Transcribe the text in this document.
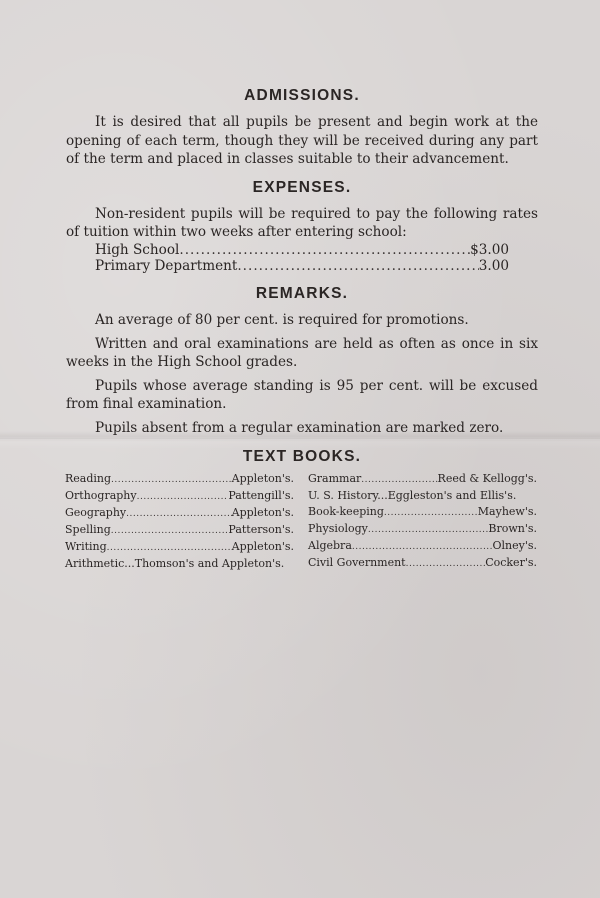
ADMISSIONS.

It is desired that all pupils be present and begin work at the opening of each term, though they will be received during any part of the term and placed in classes suitable to their advancement.

EXPENSES.

Non-resident pupils will be required to pay the following rates of tuition within two weeks after entering school:

High School .....	$3.00
Primary Department .....	3.00
REMARKS.

An average of 80 per cent. is required for promotions.

Written and oral examinations are held as often as once in six weeks in the High School grades.

Pupils whose average standing is 95 per cent. will be excused from final examination.

Pupils absent from a regular examination are marked zero.

TEXT BOOKS.
Reading .....	Appleton's.
Orthography .....	Pattengill's.
Geography .....	Appleton's.
Spelling .....	Patterson's.
Writing .....	Appleton's.
Arithmetic...Thomson's and Appleton's.
Grammar .....	Reed & Kellogg's.
U. S. History...Eggleston's and Ellis's.
Book-keeping .....	Mayhew's.
Physiology .....	Brown's.
Algebra .....	Olney's.
Civil Government .....	Cocker's.
